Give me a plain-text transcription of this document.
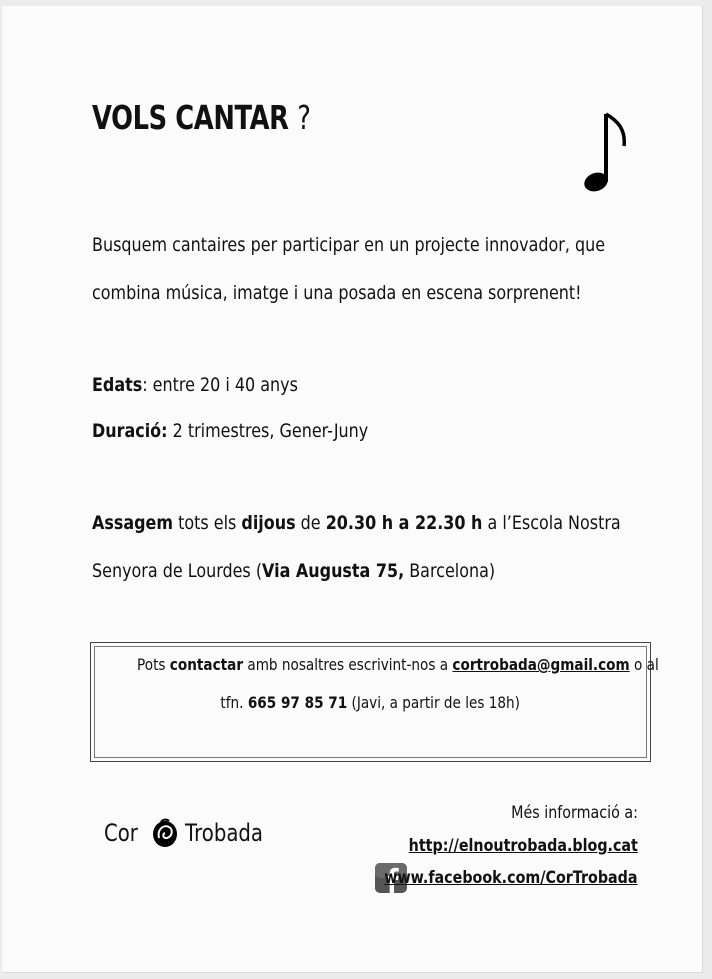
VOLS CANTAR ?
Busquem cantaires per participar en un projecte innovador, que
combina música, imatge i una posada en escena sorprenent!
Edats: entre 20 i 40 anys
Duració: 2 trimestres, Gener-Juny
Assagem tots els dijous de 20.30 h a 22.30 h a l’Escola Nostra
Senyora de Lourdes (Via Augusta 75, Barcelona)
Pots contactar amb nosaltres escrivint-nos a cortrobada@gmail.com o al
tfn. 665 97 85 71 (Javi, a partir de les 18h)
Cor Trobada
Més informació a:
http://elnoutrobada.blog.cat
www.facebook.com/CorTrobada
